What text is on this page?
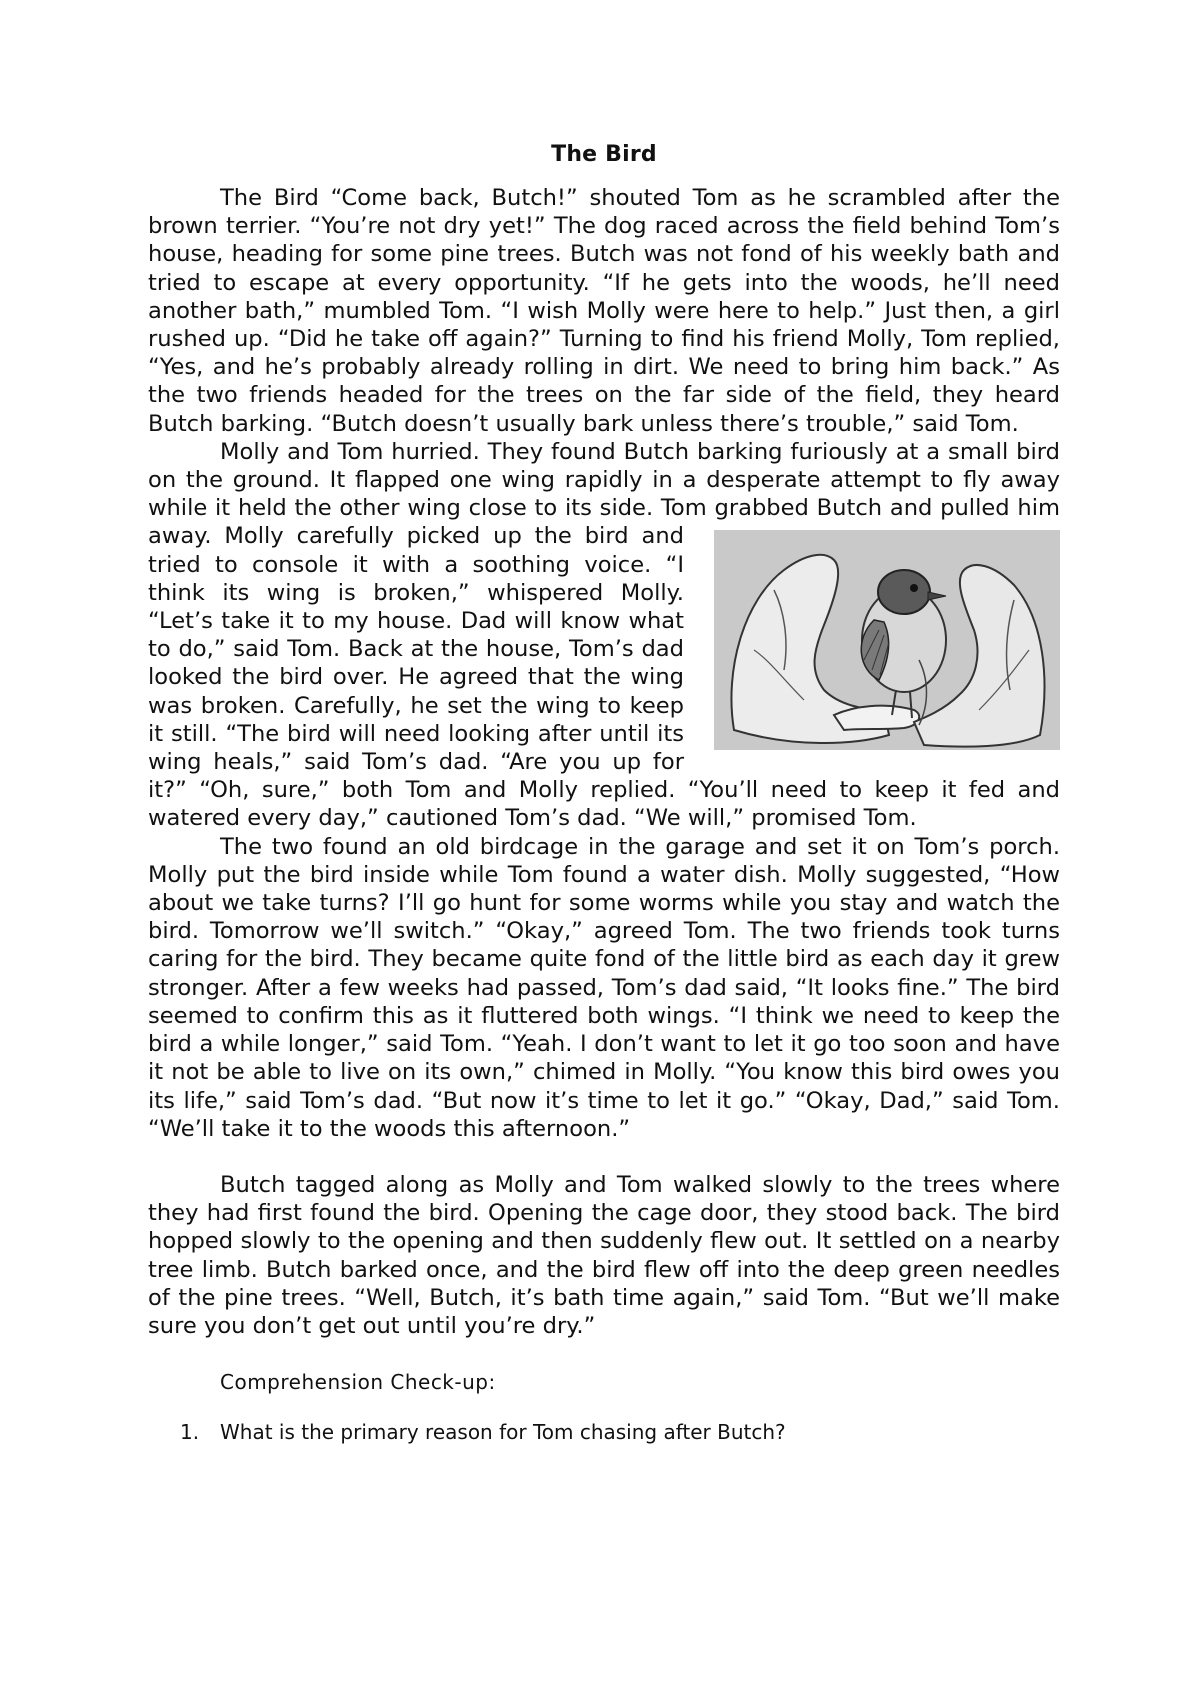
The Bird

The Bird “Come back, Butch!” shouted Tom as he scrambled after the brown terrier. “You’re not dry yet!” The dog raced across the field behind Tom’s house, heading for some pine trees. Butch was not fond of his weekly bath and tried to escape at every opportunity. “If he gets into the woods, he’ll need another bath,” mumbled Tom. “I wish Molly were here to help.” Just then, a girl rushed up. “Did he take off again?” Turning to find his friend Molly, Tom replied, “Yes, and he’s probably already rolling in dirt. We need to bring him back.” As the two friends headed for the trees on the far side of the field, they heard Butch barking. “Butch doesn’t usually bark unless there’s trouble,” said Tom.

Molly and Tom hurried. They found Butch barking furiously at a small bird on the ground. It flapped one wing rapidly in a desperate attempt to fly away while it held the other wing close to its side. Tom grabbed Butch
and pulled him away. Molly carefully picked up the bird and tried to console it with a soothing voice. “I think its wing is broken,” whispered Molly. “Let’s take it to my house. Dad will know what to do,” said Tom. Back at the house, Tom’s dad looked the bird over. He agreed that the wing was broken. Carefully, he set the wing to keep it still. “The bird will need looking after until its wing heals,” said Tom’s dad. “Are you up for it?” “Oh, sure,” both Tom and Molly replied. “You’ll need to keep it fed and watered every day,” cautioned Tom’s dad. “We will,” promised Tom.

The two found an old birdcage in the garage and set it on Tom’s porch. Molly put the bird inside while Tom found a water dish. Molly suggested, “How about we take turns? I’ll go hunt for some worms while you stay and watch the bird. Tomorrow we’ll switch.” “Okay,” agreed Tom. The two friends took turns caring for the bird. They became quite fond of the little bird as each day it grew stronger. After a few weeks had passed, Tom’s dad said, “It looks fine.” The bird seemed to confirm this as it fluttered both wings. “I think we need to keep the bird a while longer,” said Tom. “Yeah. I don’t want to let it go too soon and have it not be able to live on its own,” chimed in Molly. “You know this bird owes you its life,” said Tom’s dad. “But now it’s time to let it go.” “Okay, Dad,” said Tom. “We’ll take it to the woods this afternoon.”

Butch tagged along as Molly and Tom walked slowly to the trees where they had first found the bird. Opening the cage door, they stood back. The bird hopped slowly to the opening and then suddenly flew out. It settled on a nearby tree limb. Butch barked once, and the bird flew off into the deep green needles of the pine trees. “Well, Butch, it’s bath time again,” said Tom. “But we’ll make sure you don’t get out until you’re dry.”

Comprehension Check-up:
1. What is the primary reason for Tom chasing after Butch?
